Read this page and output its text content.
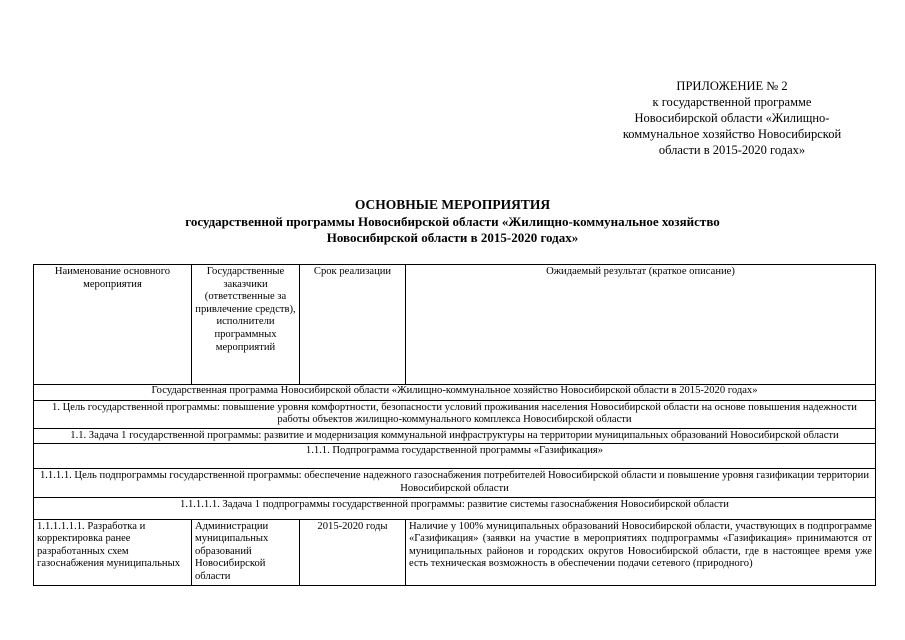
ПРИЛОЖЕНИЕ № 2
к государственной программе
Новосибирской области «Жилищно-
коммунальное хозяйство Новосибирской
области в 2015-2020 годах»
ОСНОВНЫЕ МЕРОПРИЯТИЯ
государственной программы Новосибирской области «Жилищно-коммунальное хозяйство
Новосибирской области в 2015-2020 годах»
Наименование основного мероприятия	Государственные заказчики (ответственные за привлечение средств), исполнители программных мероприятий	Срок реализации	Ожидаемый результат (краткое описание)
Государственная программа Новосибирской области «Жилищно-коммунальное хозяйство Новосибирской области в 2015-2020 годах»			
1. Цель государственной программы: повышение уровня комфортности, безопасности условий проживания населения Новосибирской области на основе повышения надежности работы объектов жилищно-коммунального комплекса Новосибирской области			
1.1. Задача 1 государственной программы: развитие и модернизация коммунальной инфраструктуры на территории муниципальных образований Новосибирской области			
1.1.1. Подпрограмма государственной программы «Газификация»			
1.1.1.1. Цель подпрограммы государственной программы: обеспечение надежного газоснабжения потребителей Новосибирской области и повышение уровня газификации территории Новосибирской области			
1.1.1.1.1. Задача 1 подпрограммы государственной программы: развитие системы газоснабжения Новосибирской области			
1.1.1.1.1.1. Разработка и корректировка ранее разработанных схем газоснабжения муниципальных	Администрации муниципальных образований Новосибирской области	2015-2020 годы	Наличие у 100% муниципальных образований Новосибирской области, участвующих в подпрограмме «Газификация» (заявки на участие в мероприятиях подпрограммы «Газификация» принимаются от муниципальных районов и городских округов Новосибирской области, где в настоящее время уже есть техническая возможность в обеспечении подачи сетевого (природного)
